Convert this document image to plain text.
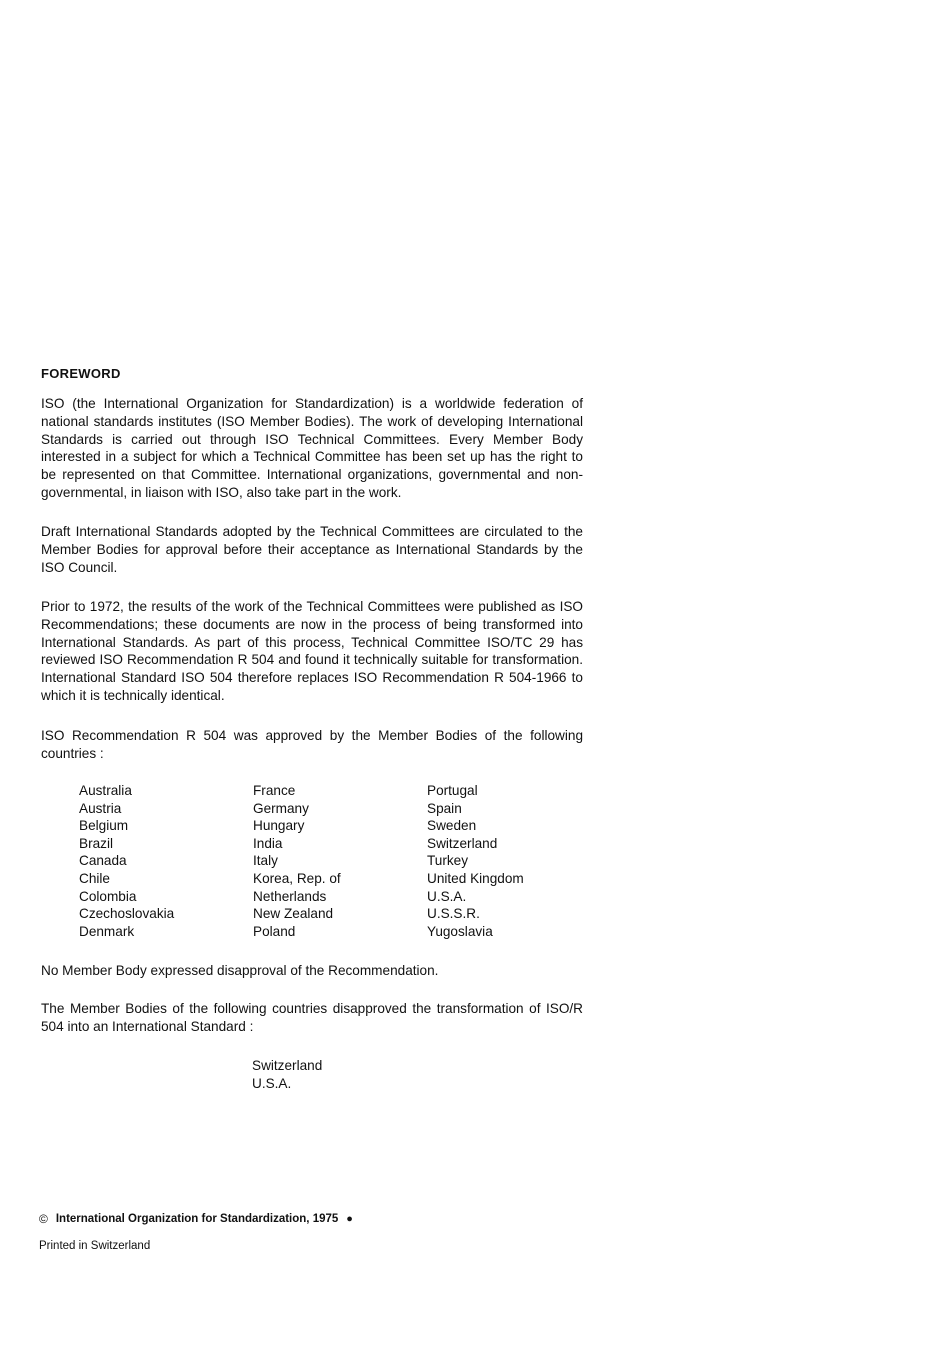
FOREWORD

ISO (the International Organization for Standardization) is a worldwide federation of national standards institutes (ISO Member Bodies). The work of developing International Standards is carried out through ISO Technical Committees. Every Member Body interested in a subject for which a Technical Committee has been set up has the right to be represented on that Committee. International organizations, governmental and non-governmental, in liaison with ISO, also take part in the work.

Draft International Standards adopted by the Technical Committees are circulated to the Member Bodies for approval before their acceptance as International Standards by the ISO Council.

Prior to 1972, the results of the work of the Technical Committees were published as ISO Recommendations; these documents are now in the process of being transformed into International Standards. As part of this process, Technical Committee ISO/TC 29 has reviewed ISO Recommendation R 504 and found it technically suitable for transformation. International Standard ISO 504 therefore replaces ISO Recommendation R 504-1966 to which it is technically identical.

ISO Recommendation R 504 was approved by the Member Bodies of the following countries :

Australia
Austria
Belgium
Brazil
Canada
Chile
Colombia
Czechoslovakia
Denmark
France
Germany
Hungary
India
Italy
Korea, Rep. of
Netherlands
New Zealand
Poland
Portugal
Spain
Sweden
Switzerland
Turkey
United Kingdom
U.S.A.
U.S.S.R.
Yugoslavia

No Member Body expressed disapproval of the Recommendation.

The Member Bodies of the following countries disapproved the transformation of ISO/R 504 into an International Standard :

Switzerland
U.S.A.
© International Organization for Standardization, 1975 ●
Printed in Switzerland
